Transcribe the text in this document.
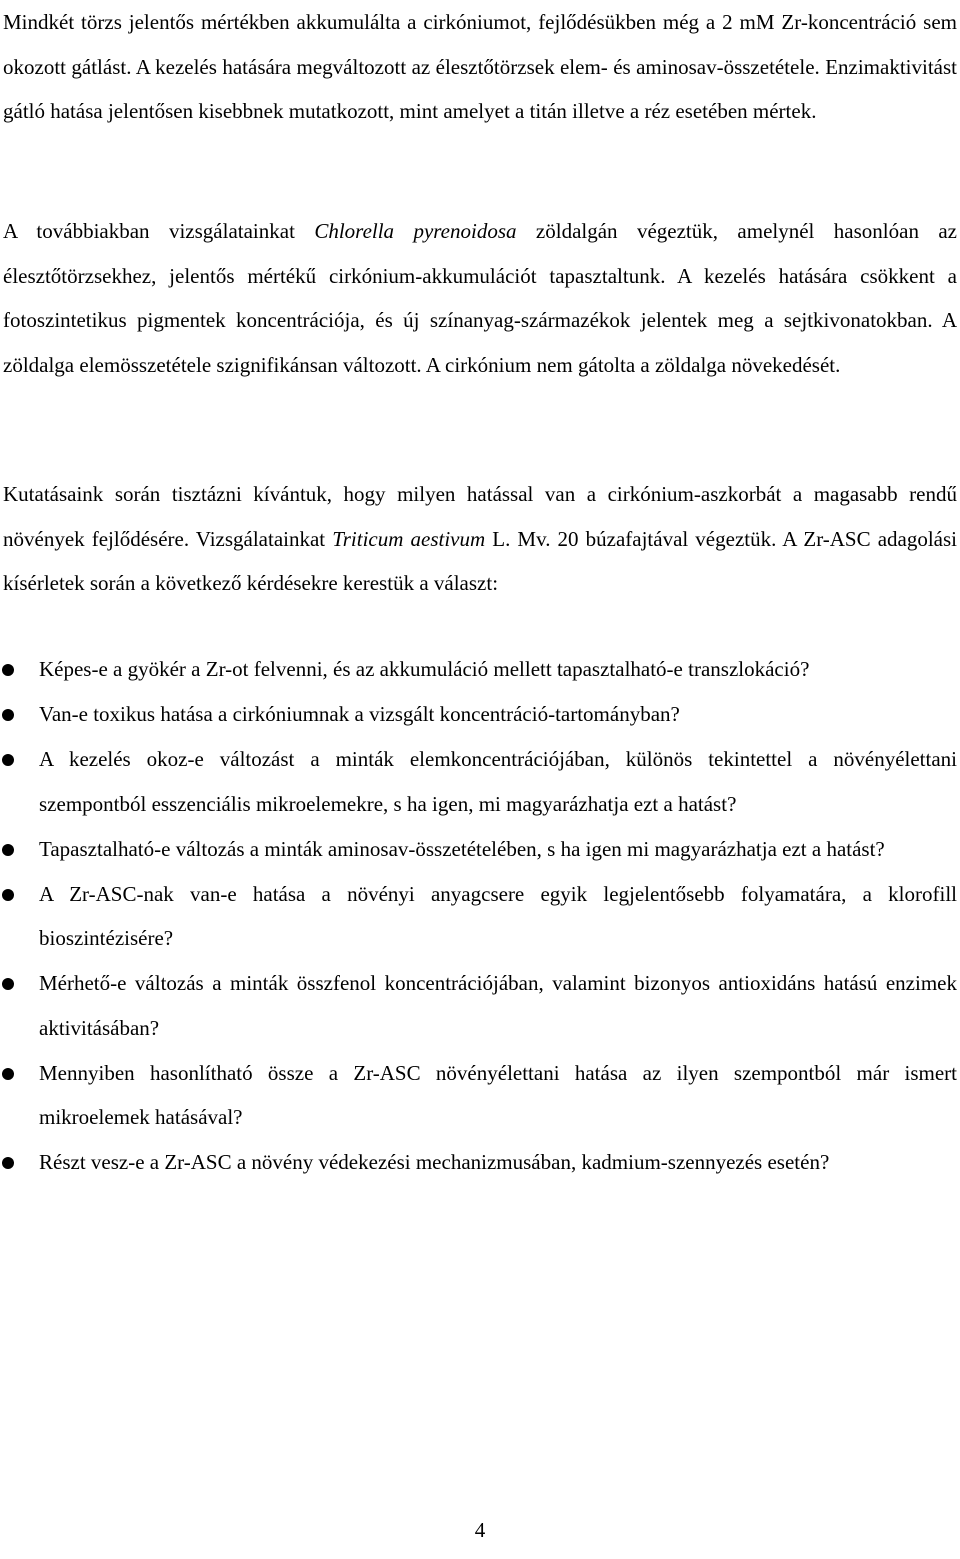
Mindkét törzs jelentős mértékben akkumulálta a cirkóniumot, fejlődésükben még a 2 mM Zr-koncentráció sem okozott gátlást. A kezelés hatására megváltozott az élesztőtörzsek elem- és aminosav-összetétele. Enzimaktivitást gátló hatása jelentősen kisebbnek mutatkozott, mint amelyet a titán illetve a réz esetében mértek.

A továbbiakban vizsgálatainkat Chlorella pyrenoidosa zöldalgán végeztük, amelynél hasonlóan az élesztőtörzsekhez, jelentős mértékű cirkónium-akkumulációt tapasztaltunk. A kezelés hatására csökkent a fotoszintetikus pigmentek koncentrációja, és új színanyag-származékok jelentek meg a sejtkivonatokban. A zöldalga elemösszetétele szignifikánsan változott. A cirkónium nem gátolta a zöldalga növekedését.

Kutatásaink során tisztázni kívántuk, hogy milyen hatással van a cirkónium-aszkorbát a magasabb rendű növények fejlődésére. Vizsgálatainkat Triticum aestivum L. Mv. 20 búzafajtával végeztük. A Zr-ASC adagolási kísérletek során a következő kérdésekre kerestük a választ:

Képes-e a gyökér a Zr-ot felvenni, és az akkumuláció mellett tapasztalható-e transzlokáció?
Van-e toxikus hatása a cirkóniumnak a vizsgált koncentráció-tartományban?
A kezelés okoz-e változást a minták elemkoncentrációjában, különös tekintettel a növényélettani szempontból esszenciális mikroelemekre, s ha igen, mi magyarázhatja ezt a hatást?
Tapasztalható-e változás a minták aminosav-összetételében, s ha igen mi magyarázhatja ezt a hatást?
A Zr-ASC-nak van-e hatása a növényi anyagcsere egyik legjelentősebb folyamatára, a klorofill bioszintézisére?
Mérhető-e változás a minták összfenol koncentrációjában, valamint bizonyos antioxidáns hatású enzimek aktivitásában?
Mennyiben hasonlítható össze a Zr-ASC növényélettani hatása az ilyen szempontból már ismert mikroelemek hatásával?
Részt vesz-e a Zr-ASC a növény védekezési mechanizmusában, kadmium-szennyezés esetén?
4
